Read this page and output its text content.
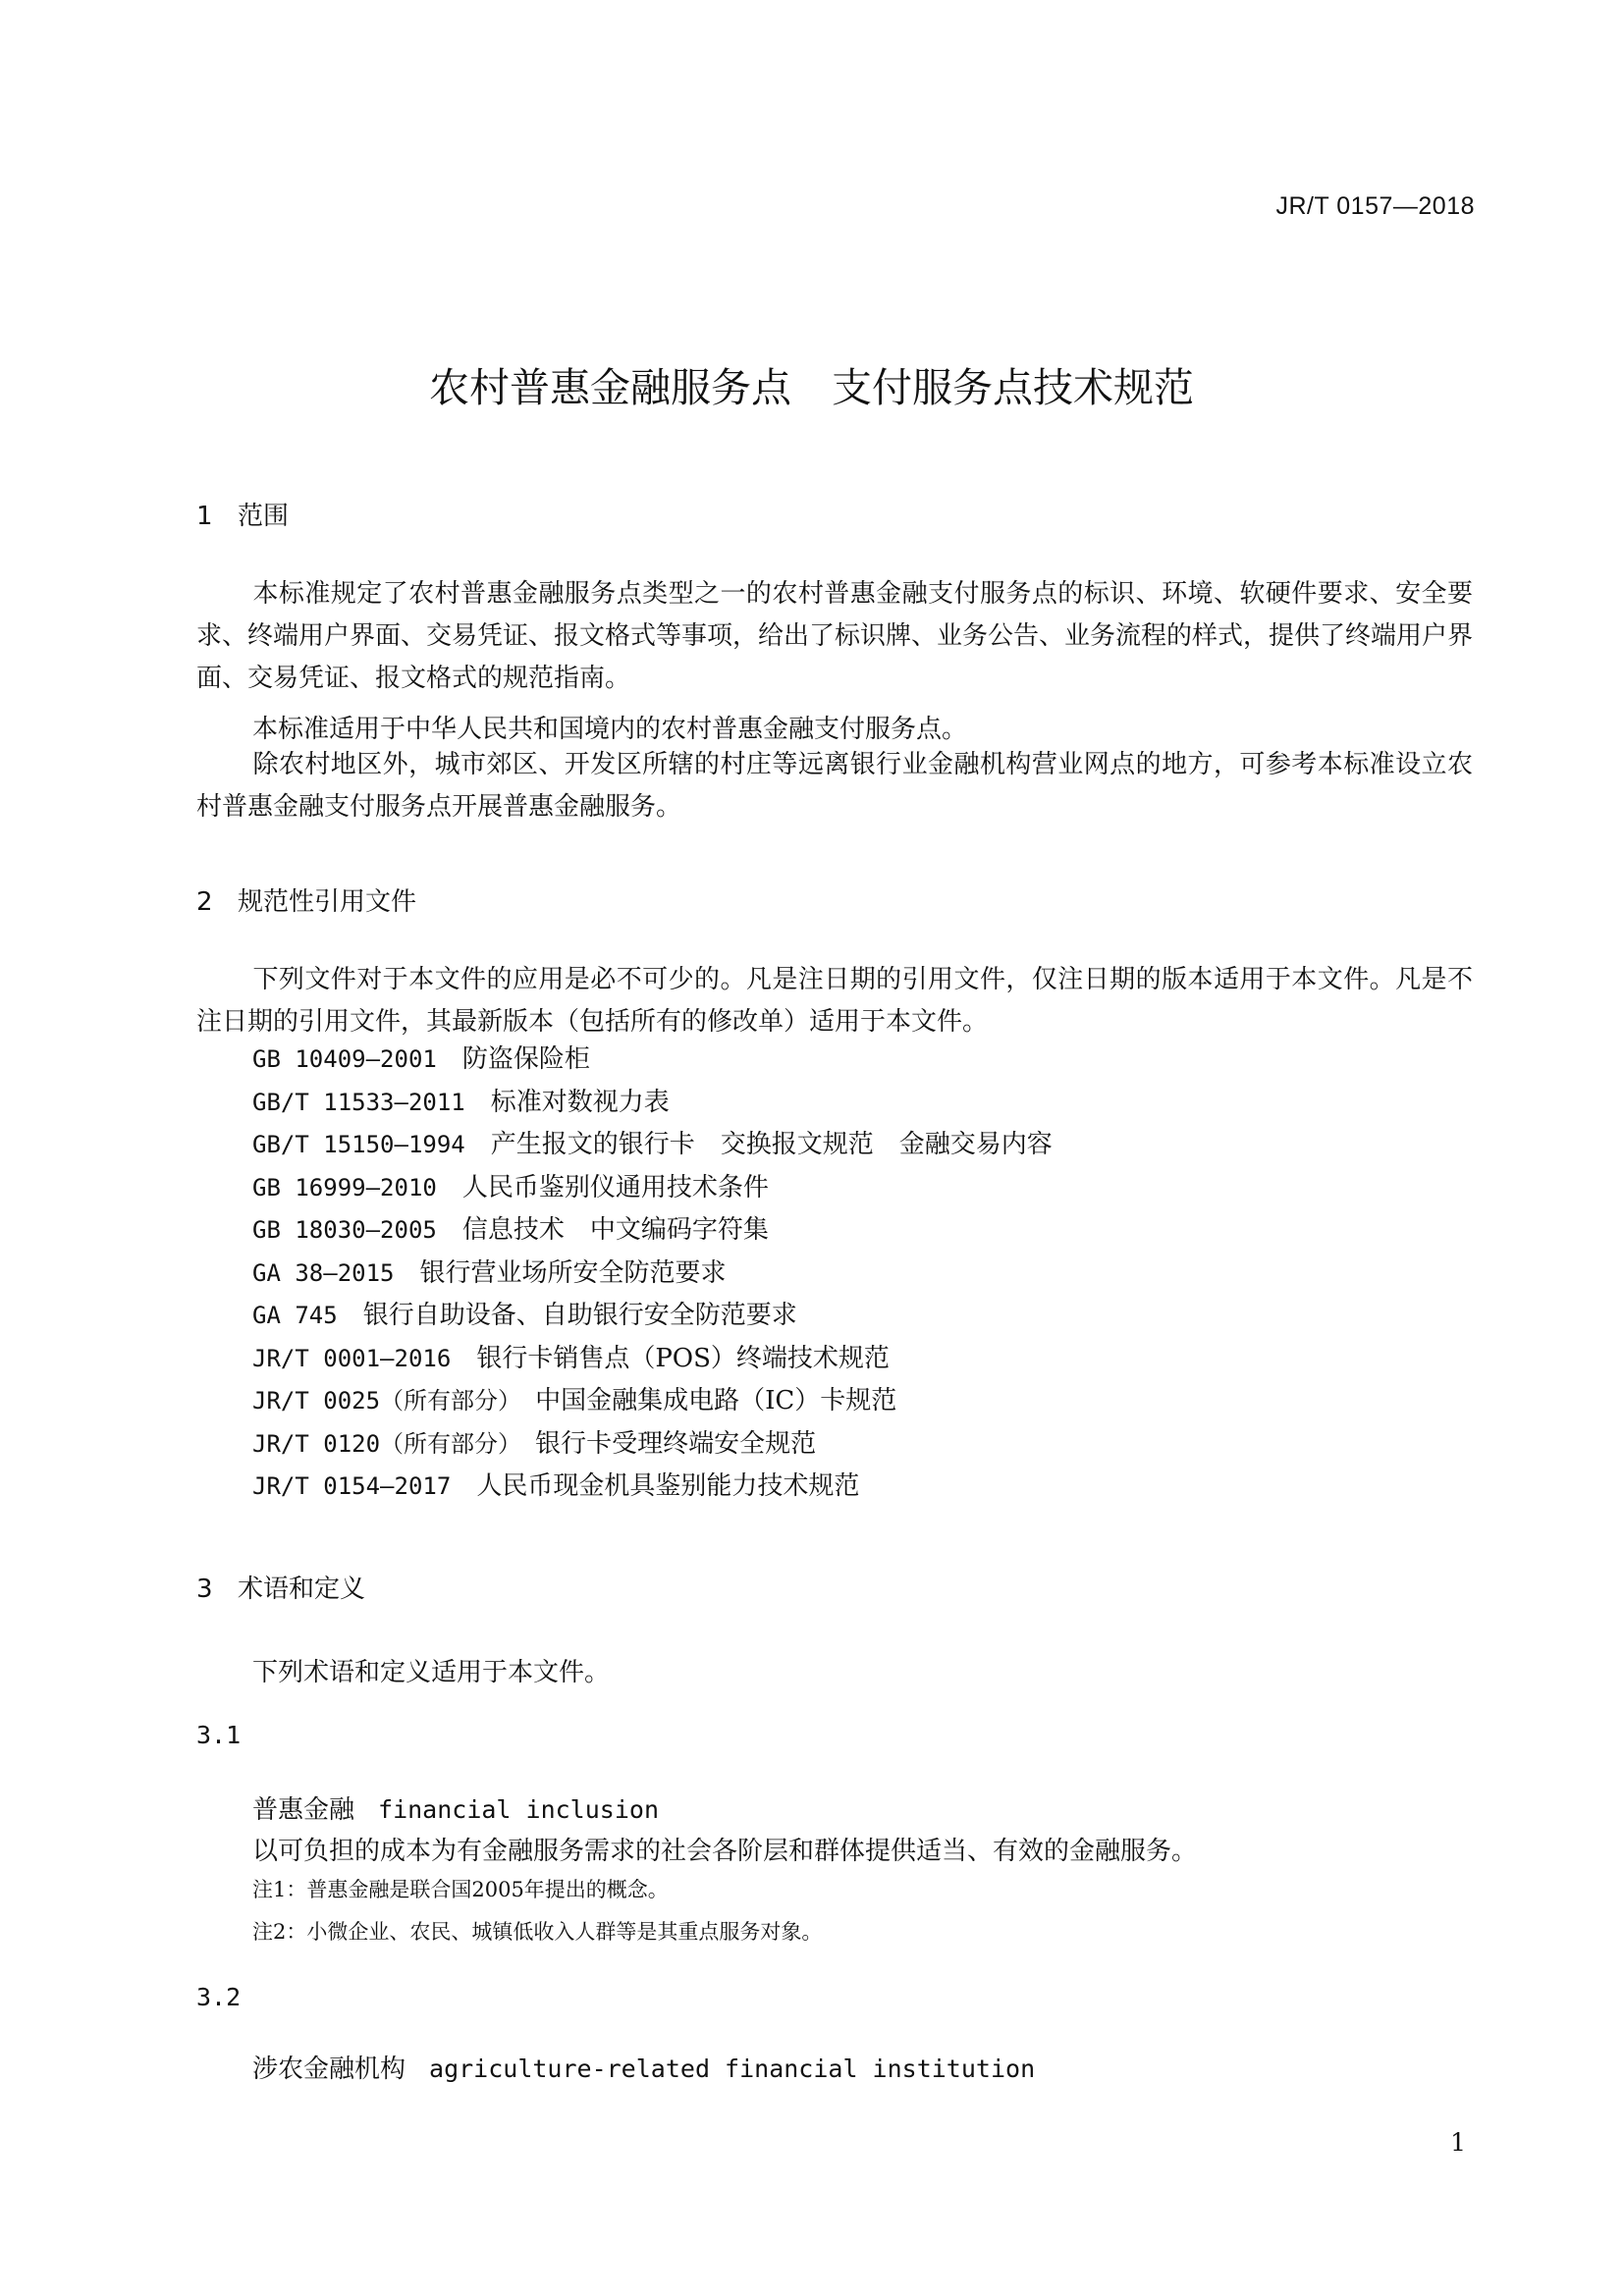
JR/T 0157—2018
农村普惠金融服务点　支付服务点技术规范
1 范围
本标准规定了农村普惠金融服务点类型之一的农村普惠金融支付服务点的标识、环境、软硬件要求、安全要求、终端用户界面、交易凭证、报文格式等事项，给出了标识牌、业务公告、业务流程的样式，提供了终端用户界面、交易凭证、报文格式的规范指南。
本标准适用于中华人民共和国境内的农村普惠金融支付服务点。
除农村地区外，城市郊区、开发区所辖的村庄等远离银行业金融机构营业网点的地方，可参考本标准设立农村普惠金融支付服务点开展普惠金融服务。
2 规范性引用文件
下列文件对于本文件的应用是必不可少的。凡是注日期的引用文件，仅注日期的版本适用于本文件。凡是不注日期的引用文件，其最新版本（包括所有的修改单）适用于本文件。
GB 10409—2001　 防盗保险柜
GB/T 11533—2011　 标准对数视力表
GB/T 15150—1994　 产生报文的银行卡　交换报文规范　金融交易内容
GB 16999—2010　 人民币鉴别仪通用技术条件
GB 18030—2005　 信息技术　中文编码字符集
GA 38—2015　 银行营业场所安全防范要求
GA 745　 银行自助设备、自助银行安全防范要求
JR/T 0001—2016　 银行卡销售点（POS）终端技术规范
JR/T 0025（所有部分）　 中国金融集成电路（IC）卡规范
JR/T 0120（所有部分）　 银行卡受理终端安全规范
JR/T 0154—2017　 人民币现金机具鉴别能力技术规范
3 术语和定义
下列术语和定义适用于本文件。
3.1
普惠金融 financial inclusion
以可负担的成本为有金融服务需求的社会各阶层和群体提供适当、有效的金融服务。
注1：普惠金融是联合国2005年提出的概念。
注2：小微企业、农民、城镇低收入人群等是其重点服务对象。
3.2
涉农金融机构 agriculture-related financial institution
1
